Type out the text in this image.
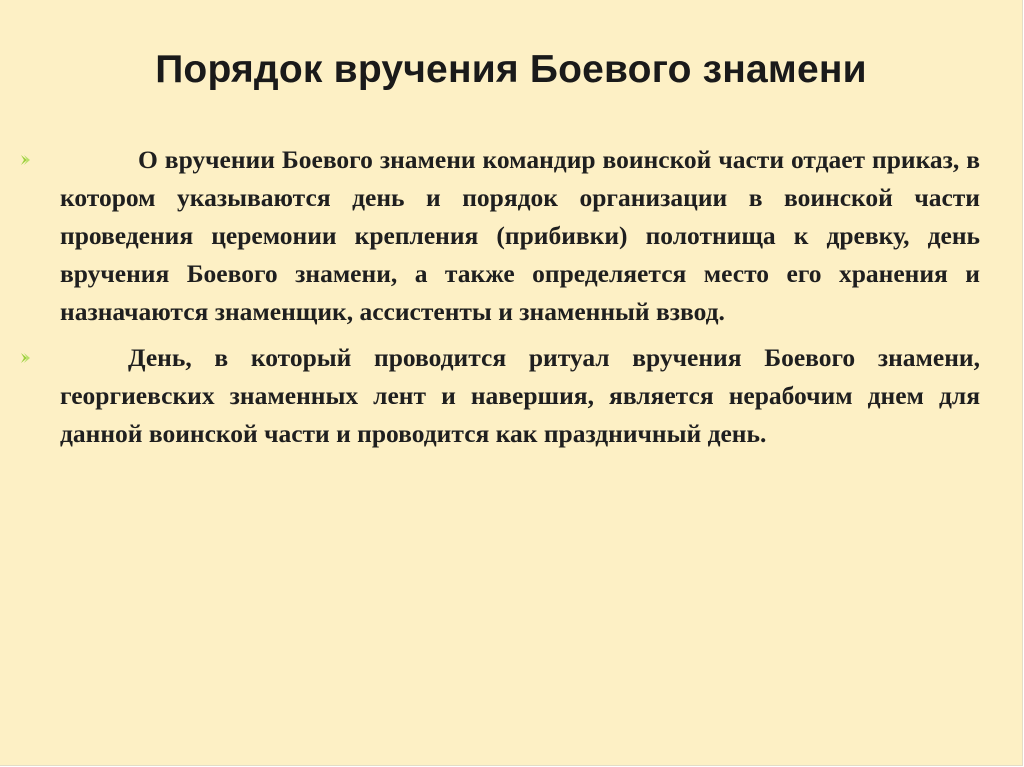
Порядок вручения Боевого знамени
О вручении Боевого знамени командир воинской части отдает приказ, в котором указываются день и порядок организации в воинской части проведения церемонии крепления (прибивки) полотнища к древку, день вручения Боевого знамени, а также определяется место его хранения и назначаются знаменщик, ассистенты и знаменный взвод.
День, в который проводится ритуал вручения Боевого знамени, георгиевских знаменных лент и навершия, является нерабочим днем для данной воинской части и проводится как праздничный день.
